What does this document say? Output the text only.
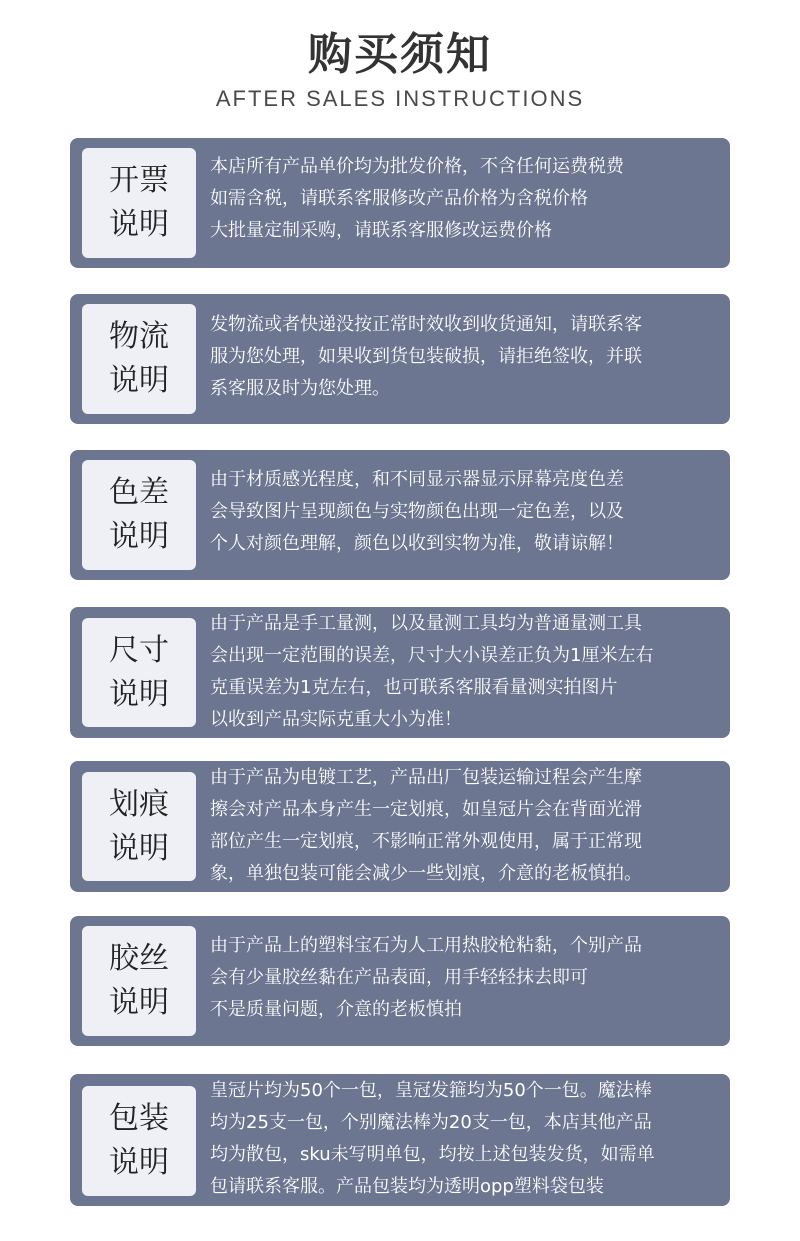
购买须知
AFTER SALES INSTRUCTIONS
开票
说明
本店所有产品单价均为批发价格，不含任何运费税费
如需含税，请联系客服修改产品价格为含税价格
大批量定制采购，请联系客服修改运费价格
物流
说明
发物流或者快递没按正常时效收到收货通知，请联系客
服为您处理，如果收到货包装破损，请拒绝签收，并联
系客服及时为您处理。
色差
说明
由于材质感光程度，和不同显示器显示屏幕亮度色差
会导致图片呈现颜色与实物颜色出现一定色差，以及
个人对颜色理解，颜色以收到实物为准，敬请谅解！
尺寸
说明
由于产品是手工量测，以及量测工具均为普通量测工具
会出现一定范围的误差，尺寸大小误差正负为1厘米左右
克重误差为1克左右，也可联系客服看量测实拍图片
以收到产品实际克重大小为准！
划痕
说明
由于产品为电镀工艺，产品出厂包装运输过程会产生摩
擦会对产品本身产生一定划痕，如皇冠片会在背面光滑
部位产生一定划痕，不影响正常外观使用，属于正常现
象，单独包装可能会减少一些划痕，介意的老板慎拍。
胶丝
说明
由于产品上的塑料宝石为人工用热胶枪粘黏，个别产品
会有少量胶丝黏在产品表面，用手轻轻抹去即可
不是质量问题，介意的老板慎拍
包装
说明
皇冠片均为50个一包，皇冠发箍均为50个一包。魔法棒
均为25支一包，个别魔法棒为20支一包，本店其他产品
均为散包，sku未写明单包，均按上述包装发货，如需单
包请联系客服。产品包装均为透明opp塑料袋包装
